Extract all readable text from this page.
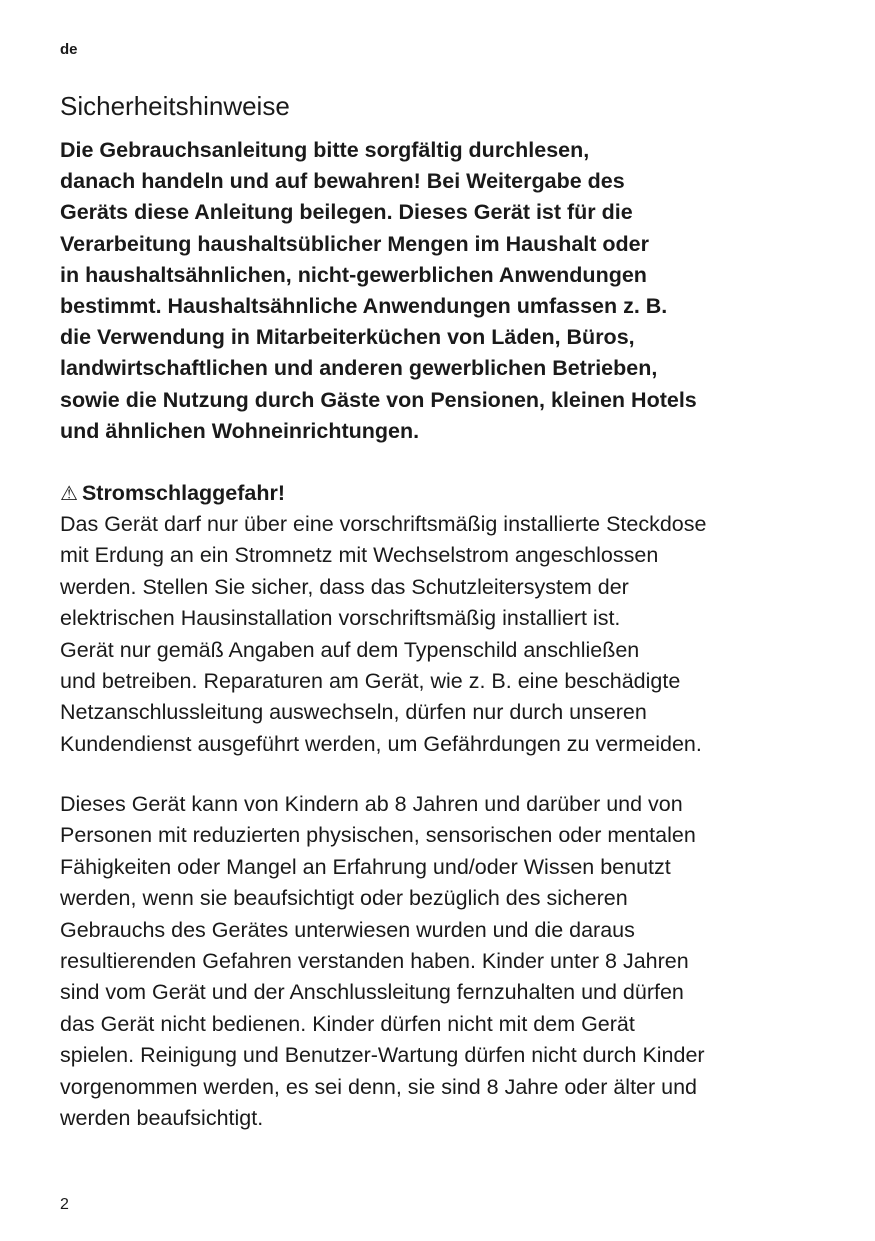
de

Sicherheitshinweise

Die Gebrauchsanleitung bitte sorgfältig durchlesen,
danach handeln und auf bewahren! Bei Weitergabe des
Geräts diese Anleitung beilegen. Dieses Gerät ist für die
Verarbeitung haushaltsüblicher Mengen im Haushalt oder
in haushaltsähnlichen, nicht-gewerblichen Anwendungen
bestimmt. Haushaltsähnliche Anwendungen umfassen z. B.
die Verwendung in Mitarbeiterküchen von Läden, Büros,
landwirtschaftlichen und anderen gewerblichen Betrieben,
sowie die Nutzung durch Gäste von Pensionen, kleinen Hotels
und ähnlichen Wohneinrichtungen.

⚠ Stromschlaggefahr!

Das Gerät darf nur über eine vorschriftsmäßig installierte Steckdose
mit Erdung an ein Stromnetz mit Wechselstrom angeschlossen
werden. Stellen Sie sicher, dass das Schutzleitersystem der
elektrischen Hausinstallation vorschriftsmäßig installiert ist.
Gerät nur gemäß Angaben auf dem Typenschild anschließen
und betreiben. Reparaturen am Gerät, wie z. B. eine beschädigte
Netzanschlussleitung auswechseln, dürfen nur durch unseren
Kundendienst ausgeführt werden, um Gefährdungen zu vermeiden.

Dieses Gerät kann von Kindern ab 8 Jahren und darüber und von
Personen mit reduzierten physischen, sensorischen oder mentalen
Fähigkeiten oder Mangel an Erfahrung und/oder Wissen benutzt
werden, wenn sie beaufsichtigt oder bezüglich des sicheren
Gebrauchs des Gerätes unterwiesen wurden und die daraus
resultierenden Gefahren verstanden haben. Kinder unter 8 Jahren
sind vom Gerät und der Anschlussleitung fernzuhalten und dürfen
das Gerät nicht bedienen. Kinder dürfen nicht mit dem Gerät
spielen. Reinigung und Benutzer-Wartung dürfen nicht durch Kinder
vorgenommen werden, es sei denn, sie sind 8 Jahre oder älter und
werden beaufsichtigt.

2
